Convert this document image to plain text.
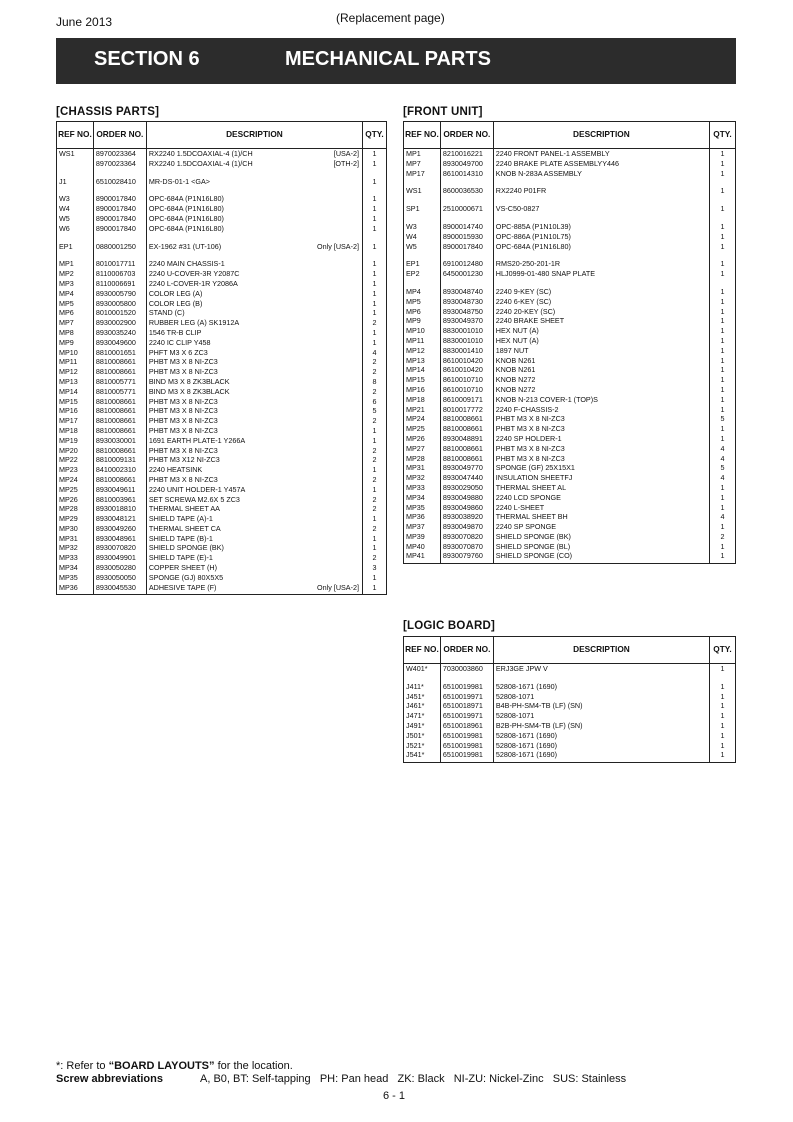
June 2013	(Replacement page)
SECTION 6	MECHANICAL PARTS
[CHASSIS PARTS]
REF NO.	ORDER NO.	DESCRIPTION	QTY.
WS1	8970023364	RX2240 1.5DCOAXIAL-4 (1)/CH [USA-2]	1
	8970023364	RX2240 1.5DCOAXIAL-4 (1)/CH [OTH-2]	1

J1	6510028410	MR-DS-01-1 <GA>	1

W3	8900017840	OPC-684A (P1N16L80)	1
W4	8900017840	OPC-684A (P1N16L80)	1
W5	8900017840	OPC-684A (P1N16L80)	1
W6	8900017840	OPC-684A (P1N16L80)	1

EP1	0880001250	EX-1962 #31 (UT-106) Only [USA-2]	1

MP1	8010017711	2240 MAIN CHASSIS-1	1
MP2	8110006703	2240 U-COVER-3R Y2087C	1
MP3	8110006691	2240 L-COVER-1R Y2086A	1
MP4	8930005790	COLOR LEG (A)	1
MP5	8930005800	COLOR LEG (B)	1
MP6	8010001520	STAND (C)	1
MP7	8930002900	RUBBER LEG (A) SK1912A	2
MP8	8930035240	1546 TR-B CLIP	1
MP9	8930049600	2240 IC CLIP Y458	1
MP10	8810001651	PHFT M3 X 6 ZC3	4
MP11	8810008661	PHBT M3 X 8 NI-ZC3	2
MP12	8810008661	PHBT M3 X 8 NI-ZC3	2
MP13	8810005771	BIND M3 X 8 ZK3BLACK	8
MP14	8810005771	BIND M3 X 8 ZK3BLACK	2
MP15	8810008661	PHBT M3 X 8 NI-ZC3	6
MP16	8810008661	PHBT M3 X 8 NI-ZC3	5
MP17	8810008661	PHBT M3 X 8 NI-ZC3	2
MP18	8810008661	PHBT M3 X 8 NI-ZC3	1
MP19	8930030001	1691 EARTH PLATE-1 Y266A	1
MP20	8810008661	PHBT M3 X 8 NI-ZC3	2
MP22	8810009131	PHBT M3 X12 NI-ZC3	2
MP23	8410002310	2240 HEATSINK	1
MP24	8810008661	PHBT M3 X 8 NI-ZC3	2
MP25	8930049611	2240 UNIT HOLDER-1 Y457A	1
MP26	8810003961	SET SCREWA M2.6X 5 ZC3	2
MP28	8930018810	THERMAL SHEET AA	2
MP29	8930048121	SHIELD TAPE (A)-1	1
MP30	8930049260	THERMAL SHEET CA	2
MP31	8930048961	SHIELD TAPE (B)-1	1
MP32	8930070820	SHIELD SPONGE (BK)	1
MP33	8930049901	SHIELD TAPE (E)-1	2
MP34	8930050280	COPPER SHEET (H)	3
MP35	8930050050	SPONGE (GJ) 80X5X5	1
MP36	8930045530	ADHESIVE TAPE (F) Only [USA-2]	1
[FRONT UNIT]
REF NO.	ORDER NO.	DESCRIPTION	QTY.
MP1	8210016221	2240 FRONT PANEL-1 ASSEMBLY	1
MP7	8930049700	2240 BRAKE PLATE ASSEMBLYY446	1
MP17	8610014310	KNOB N-283A ASSEMBLY	1

WS1	8600036530	RX2240 P01FR	1

SP1	2510000671	VS-C50-0827	1

W3	8900014740	OPC-885A (P1N10L39)	1
W4	8900015930	OPC-886A (P1N10L75)	1
W5	8900017840	OPC-684A (P1N16L80)	1

EP1	6910012480	RMS20-250-201-1R	1
EP2	6450001230	HLJ0999-01-480 SNAP PLATE	1

MP4	8930048740	2240 9-KEY (SC)	1
MP5	8930048730	2240 6-KEY (SC)	1
MP6	8930048750	2240 20-KEY (SC)	1
MP9	8930049370	2240 BRAKE SHEET	1
MP10	8830001010	HEX NUT (A)	1
MP11	8830001010	HEX NUT (A)	1
MP12	8830001410	1897 NUT	1
MP13	8610010420	KNOB N261	1
MP14	8610010420	KNOB N261	1
MP15	8610010710	KNOB N272	1
MP16	8610010710	KNOB N272	1
MP18	8610009171	KNOB N-213 COVER-1 (TOP)S	1
MP21	8010017772	2240 F-CHASSIS-2	1
MP24	8810008661	PHBT M3 X 8 NI-ZC3	5
MP25	8810008661	PHBT M3 X 8 NI-ZC3	1
MP26	8930048891	2240 SP HOLDER-1	1
MP27	8810008661	PHBT M3 X 8 NI-ZC3	4
MP28	8810008661	PHBT M3 X 8 NI-ZC3	4
MP31	8930049770	SPONGE (GF) 25X15X1	5
MP32	8930047440	INSULATION SHEETFJ	4
MP33	8930029050	THERMAL SHEET AL	1
MP34	8930049880	2240 LCD SPONGE	1
MP35	8930049860	2240 L-SHEET	1
MP36	8930038920	THERMAL SHEET BH	4
MP37	8930049870	2240 SP SPONGE	1
MP39	8930070820	SHIELD SPONGE (BK)	2
MP40	8930070870	SHIELD SPONGE (BL)	1
MP41	8930079760	SHIELD SPONGE (CO)	1
[LOGIC BOARD]
REF NO.	ORDER NO.	DESCRIPTION	QTY.
W401*	7030003860	ERJ3GE JPW V	1

J411*	6510019981	52808-1671 (1690)	1
J451*	6510019971	52808-1071	1
J461*	6510018971	B4B-PH-SM4-TB (LF) (SN)	1
J471*	6510019971	52808-1071	1
J491*	6510018961	B2B-PH-SM4-TB (LF) (SN)	1
J501*	6510019981	52808-1671 (1690)	1
J521*	6510019981	52808-1671 (1690)	1
J541*	6510019981	52808-1671 (1690)	1
*: Refer to “BOARD LAYOUTS” for the location.
Screw abbreviations	A, B0, BT: Self-tapping   PH: Pan head   ZK: Black   NI-ZU: Nickel-Zinc   SUS: Stainless
6 - 1
